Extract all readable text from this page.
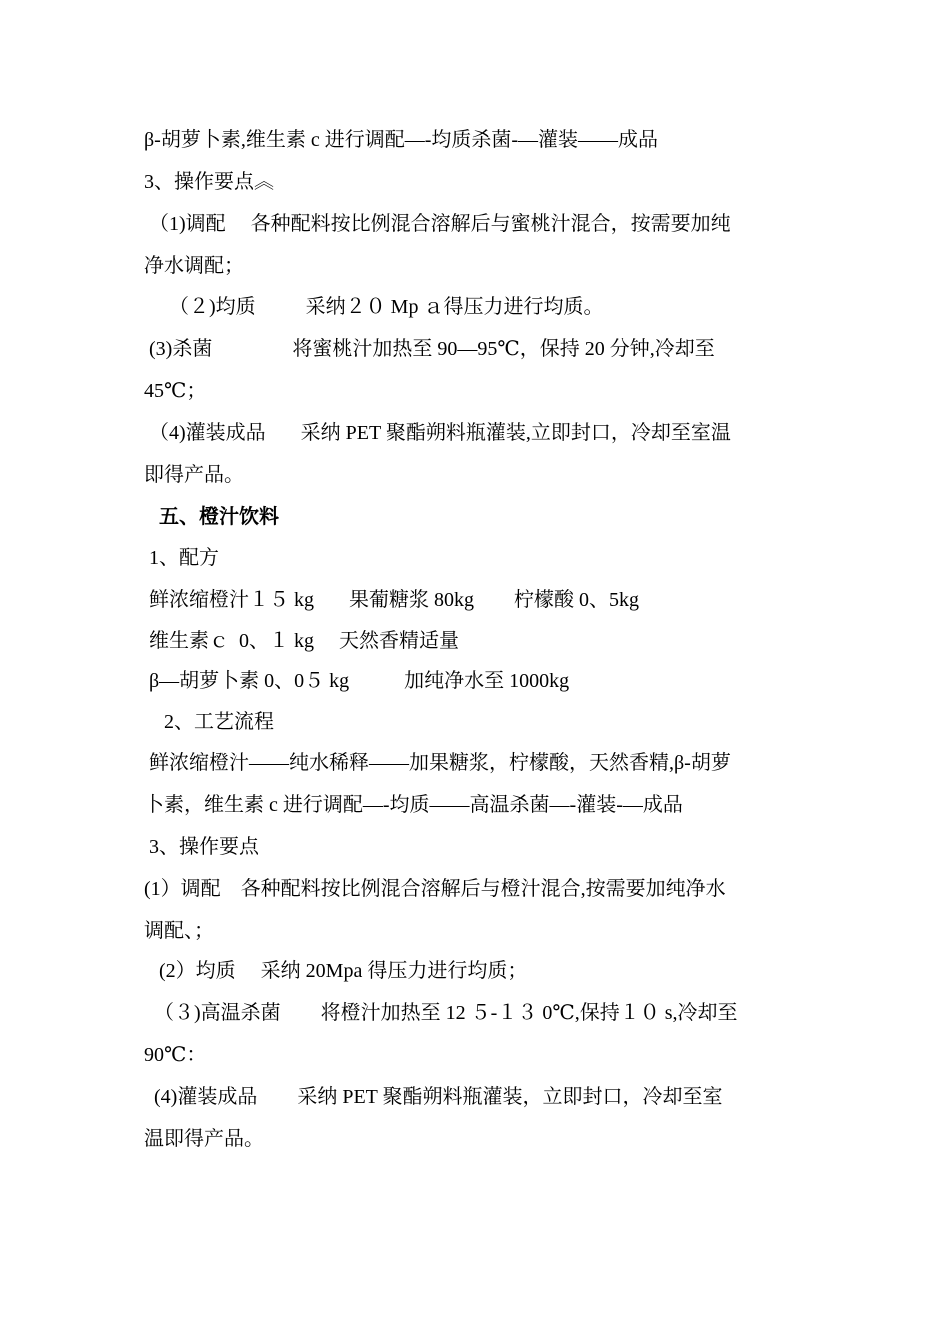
β-胡萝卜素,维生素 c 进行调配—-均质杀菌-—灌装——成品
3、操作要点︽
（1)调配     各种配料按比例混合溶解后与蜜桃汁混合，按需要加纯
净水调配；
（２)均质          采纳２０ Mp ａ得压力进行均质。
(3)杀菌                将蜜桃汁加热至 90—95℃，保持 20 分钟,冷却至
45℃；
（4)灌装成品       采纳 PET 聚酯朔料瓶灌装,立即封口，冷却至室温
即得产品。
五、橙汁饮料
1、配方
鲜浓缩橙汁１５ kg       果葡糖浆 80kg        柠檬酸 0、5kg
维生素ｃ  0、１ kg     天然香精适量
β—胡萝卜素 0、0５ kg           加纯净水至 1000kg
2、工艺流程
鲜浓缩橙汁——纯水稀释——加果糖浆，柠檬酸，天然香精,β-胡萝
卜素，维生素 c 进行调配—-均质——高温杀菌—-灌装-—成品
3、操作要点
(1）调配    各种配料按比例混合溶解后与橙汁混合,按需要加纯净水
调配、；
(2）均质     采纳 20Mpa 得压力进行均质；
（３)高温杀菌        将橙汁加热至 12 ５-１３ 0℃,保持１０ s,冷却至
90℃：
(4)灌装成品        采纳 PET 聚酯朔料瓶灌装，立即封口，冷却至室
温即得产品。
